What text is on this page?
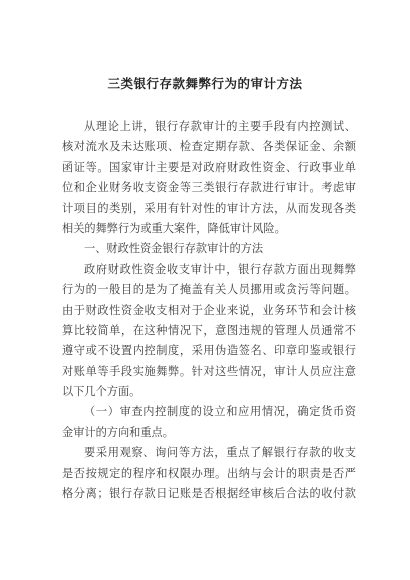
三类银行存款舞弊行为的审计方法
从理论上讲，银行存款审计的主要手段有内控测试、
核对流水及未达账项、检查定期存款、各类保证金、余额
函证等。国家审计主要是对政府财政性资金、行政事业单
位和企业财务收支资金等三类银行存款进行审计。考虑审
计项目的类别，采用有针对性的审计方法，从而发现各类
相关的舞弊行为或重大案件，降低审计风险。
一、财政性资金银行存款审计的方法
政府财政性资金收支审计中，银行存款方面出现舞弊
行为的一般目的是为了掩盖有关人员挪用或贪污等问题。
由于财政性资金收支相对于企业来说，业务环节和会计核
算比较简单，在这种情况下，意图违规的管理人员通常不
遵守或不设置内控制度，采用伪造签名、印章印鉴或银行
对账单等手段实施舞弊。针对这些情况，审计人员应注意
以下几个方面。
（一）审查内控制度的设立和应用情况，确定货币资
金审计的方向和重点。
要采用观察、询问等方法，重点了解银行存款的收支
是否按规定的程序和权限办理。出纳与会计的职责是否严
格分离；银行存款日记账是否根据经审核后合法的收付款
